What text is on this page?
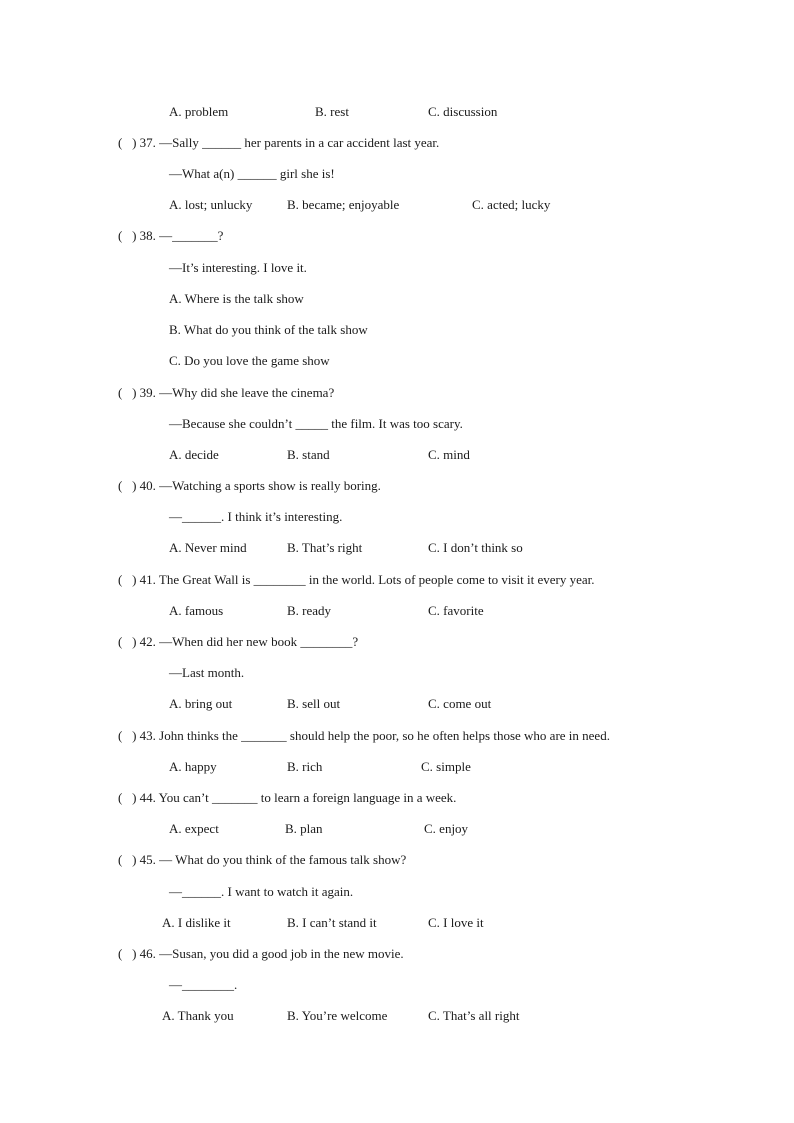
A. problem	B. rest	C. discussion
(   ) 37. —Sally ______ her parents in a car accident last year.
—What a(n) ______ girl she is!
A. lost; unlucky	B. became; enjoyable	C. acted; lucky
(   ) 38. —_______?
—It’s interesting. I love it.
A. Where is the talk show
B. What do you think of the talk show
C. Do you love the game show
(   ) 39. —Why did she leave the cinema?
—Because she couldn’t _____ the film. It was too scary.
A. decide	B. stand	C. mind
(   ) 40. —Watching a sports show is really boring.
—______. I think it’s interesting.
A. Never mind	B. That’s right	C. I don’t think so
(   ) 41. The Great Wall is ________ in the world. Lots of people come to visit it every year.
A. famous	B. ready	C. favorite
(   ) 42. —When did her new book ________?
—Last month.
A. bring out	B. sell out	C. come out
(   ) 43. John thinks the _______ should help the poor, so he often helps those who are in need.
A. happy	B. rich	C. simple
(   ) 44. You can’t _______ to learn a foreign language in a week.
A. expect	B. plan	C. enjoy
(   ) 45. — What do you think of the famous talk show?
—______. I want to watch it again.
A. I dislike it	B. I can’t stand it	C. I love it
(   ) 46. —Susan, you did a good job in the new movie.
—________.
A. Thank you	B. You’re welcome	C. That’s all right
